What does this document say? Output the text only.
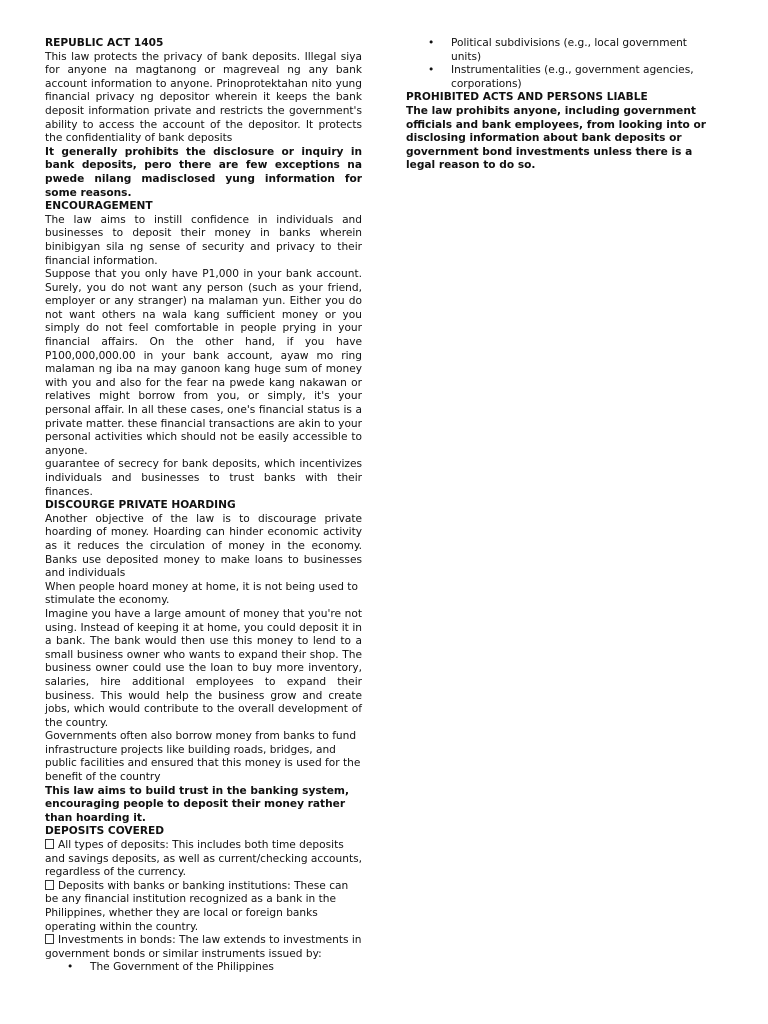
REPUBLIC ACT 1405

This law protects the privacy of bank deposits. Illegal siya for anyone na magtanong or magreveal ng any bank account information to anyone. Prinoprotektahan nito yung financial privacy ng depositor wherein it keeps the bank deposit information private and restricts the government's ability to access the account of the depositor. It protects the confidentiality of bank deposits

It generally prohibits the disclosure or inquiry in bank deposits, pero there are few exceptions na pwede nilang madisclosed yung information for some reasons.

ENCOURAGEMENT

The law aims to instill confidence in individuals and businesses to deposit their money in banks wherein binibigyan sila ng sense of security and privacy to their financial information.

Suppose that you only have P1,000 in your bank account. Surely, you do not want any person (such as your friend, employer or any stranger) na malaman yun. Either you do not want others na wala kang sufficient money or you simply do not feel comfortable in people prying in your financial affairs. On the other hand, if you have P100,000,000.00 in your bank account, ayaw mo ring malaman ng iba na may ganoon kang huge sum of money with you and also for the fear na pwede kang nakawan or relatives might borrow from you, or simply, it's your personal affair. In all these cases, one's financial status is a private matter. these financial transactions are akin to your personal activities which should not be easily accessible to anyone.

guarantee of secrecy for bank deposits, which incentivizes individuals and businesses to trust banks with their finances.

DISCOURGE PRIVATE HOARDING

Another objective of the law is to discourage private hoarding of money. Hoarding can hinder economic activity as it reduces the circulation of money in the economy. Banks use deposited money to make loans to businesses and individuals

When people hoard money at home, it is not being used to stimulate the economy.

Imagine you have a large amount of money that you're not using. Instead of keeping it at home, you could deposit it in a bank. The bank would then use this money to lend to a small business owner who wants to expand their shop. The business owner could use the loan to buy more inventory, salaries, hire additional employees to expand their business. This would help the business grow and create jobs, which would contribute to the overall development of the country.

Governments often also borrow money from banks to fund infrastructure projects like building roads, bridges, and public facilities and ensured that this money is used for the benefit of the country

This law aims to build trust in the banking system, encouraging people to deposit their money rather than hoarding it.

DEPOSITS COVERED

All types of deposits: This includes both time deposits and savings deposits, as well as current/checking accounts, regardless of the currency.

Deposits with banks or banking institutions: These can be any financial institution recognized as a bank in the Philippines, whether they are local or foreign banks operating within the country.

Investments in bonds: The law extends to investments in government bonds or similar instruments issued by:

• The Government of the Philippines
• Political subdivisions (e.g., local government units)
• Instrumentalities (e.g., government agencies, corporations)

PROHIBITED ACTS AND PERSONS LIABLE

The law prohibits anyone, including government officials and bank employees, from looking into or disclosing information about bank deposits or government bond investments unless there is a legal reason to do so.
